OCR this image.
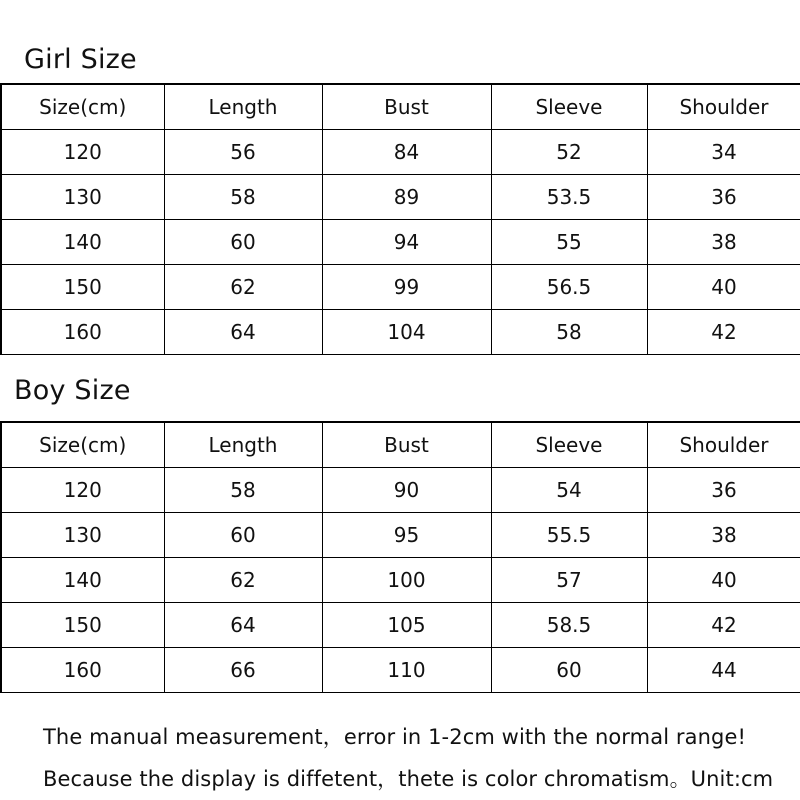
Girl Size
Size(cm)	Length	Bust	Sleeve	Shoulder
120	56	84	52	34
130	58	89	53.5	36
140	60	94	55	38
150	62	99	56.5	40
160	64	104	58	42
Boy Size
Size(cm)	Length	Bust	Sleeve	Shoulder
120	58	90	54	36
130	60	95	55.5	38
140	62	100	57	40
150	64	105	58.5	42
160	66	110	60	44
The manual measurement，error in 1-2cm with the normal range!
Because the display is diffetent，thete is color chromatism。Unit:cm
